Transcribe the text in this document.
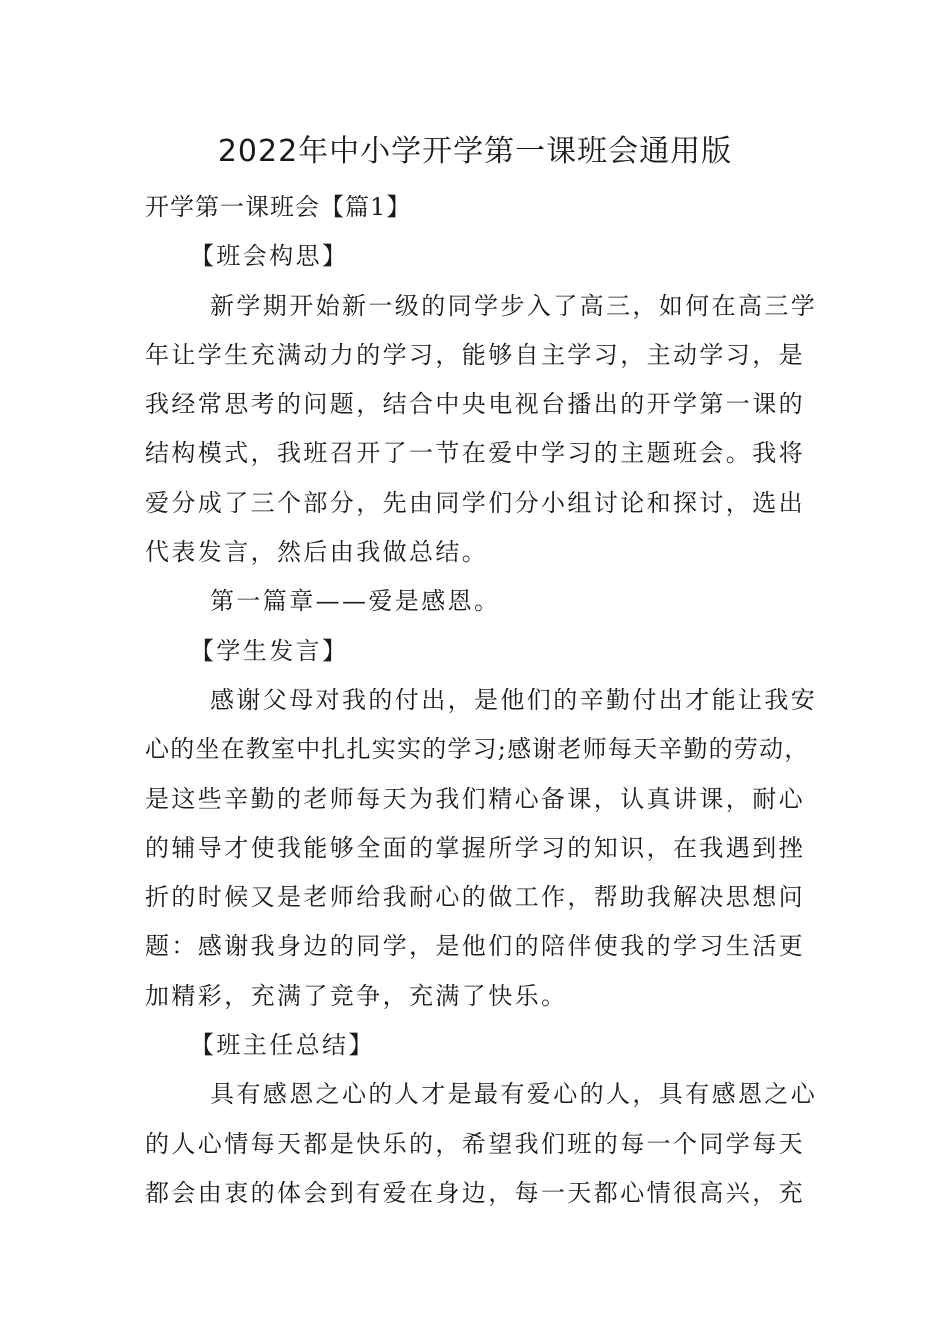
2022年中小学开学第一课班会通用版
开学第一课班会【篇1】
【班会构思】
新学期开始新一级的同学步入了高三，如何在高三学
年让学生充满动力的学习，能够自主学习，主动学习，是
我经常思考的问题，结合中央电视台播出的开学第一课的
结构模式，我班召开了一节在爱中学习的主题班会。我将
爱分成了三个部分，先由同学们分小组讨论和探讨，选出
代表发言，然后由我做总结。
第一篇章——爱是感恩。
【学生发言】
感谢父母对我的付出，是他们的辛勤付出才能让我安
心的坐在教室中扎扎实实的学习;感谢老师每天辛勤的劳动，
是这些辛勤的老师每天为我们精心备课，认真讲课，耐心
的辅导才使我能够全面的掌握所学习的知识，在我遇到挫
折的时候又是老师给我耐心的做工作，帮助我解决思想问
题：感谢我身边的同学，是他们的陪伴使我的学习生活更
加精彩，充满了竞争，充满了快乐。
【班主任总结】
具有感恩之心的人才是最有爱心的人，具有感恩之心
的人心情每天都是快乐的，希望我们班的每一个同学每天
都会由衷的体会到有爱在身边，每一天都心情很高兴，充
